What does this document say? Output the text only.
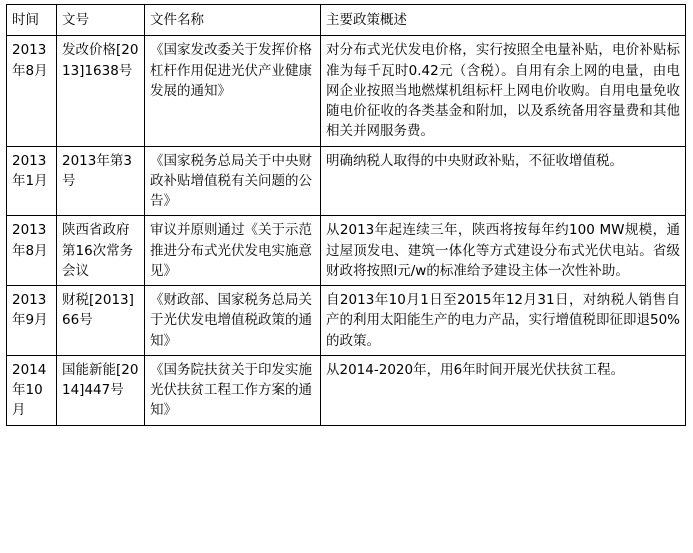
时间	文号	文件名称	主要政策概述

2013年8月	发改价格[2013]1638号	《国家发改委关于发挥价格杠杆作用促进光伏产业健康发展的通知》	对分布式光伏发电价格，实行按照全电量补贴，电价补贴标准为每千瓦时0.42元（含税）。自用有余上网的电量，由电网企业按照当地燃煤机组标杆上网电价收购。自用电量免收随电价征收的各类基金和附加，以及系统备用容量费和其他相关并网服务费。

2013年1月	2013年第3号	《国家税务总局关于中央财政补贴增值税有关问题的公告》	明确纳税人取得的中央财政补贴，不征收增值税。

2013年8月	陕西省政府第16次常务会议	审议并原则通过《关于示范推进分布式光伏发电实施意见》	从2013年起连续三年，陕西将按每年约100 MW规模，通过屋顶发电、建筑一体化等方式建设分布式光伏电站。省级财政将按照l元/w的标准给予建设主体一次性补助。

2013年9月	财税[2013]66号	《财政部、国家税务总局关于光伏发电增值税政策的通知》	自2013年10月1日至2015年12月31日，对纳税人销售自产的利用太阳能生产的电力产品，实行增值税即征即退50%的政策。

2014年10月	国能新能[2014]447号	《国务院扶贫关于印发实施光伏扶贫工程工作方案的通知》	从2014-2020年，用6年时间开展光伏扶贫工程。
